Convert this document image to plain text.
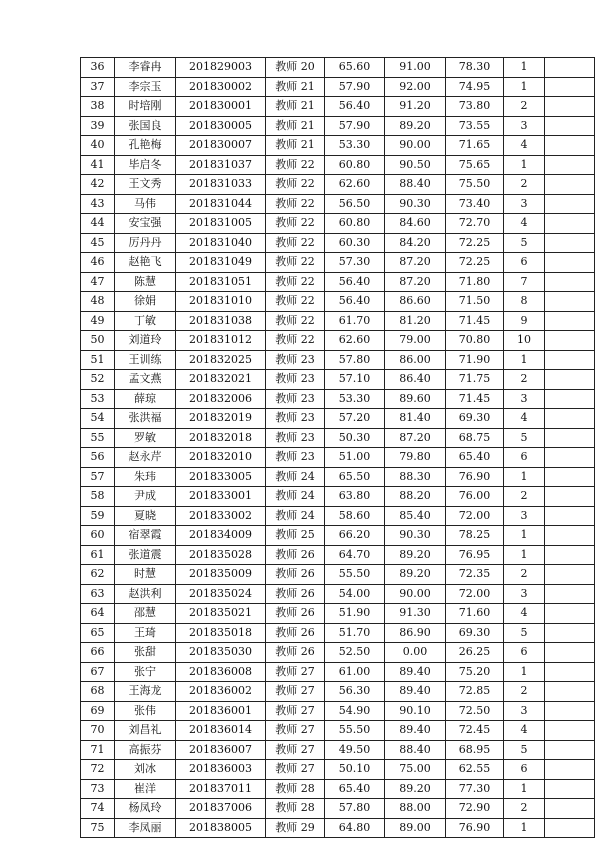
36	李睿冉	201829003	教师 20	65.60	91.00	78.30	1	
37	李宗玉	201830002	教师 21	57.90	92.00	74.95	1	
38	时培刚	201830001	教师 21	56.40	91.20	73.80	2	
39	张国良	201830005	教师 21	57.90	89.20	73.55	3	
40	孔艳梅	201830007	教师 21	53.30	90.00	71.65	4	
41	毕启冬	201831037	教师 22	60.80	90.50	75.65	1	
42	王文秀	201831033	教师 22	62.60	88.40	75.50	2	
43	马伟	201831044	教师 22	56.50	90.30	73.40	3	
44	安宝强	201831005	教师 22	60.80	84.60	72.70	4	
45	厉丹丹	201831040	教师 22	60.30	84.20	72.25	5	
46	赵艳飞	201831049	教师 22	57.30	87.20	72.25	6	
47	陈慧	201831051	教师 22	56.40	87.20	71.80	7	
48	徐娟	201831010	教师 22	56.40	86.60	71.50	8	
49	丁敏	201831038	教师 22	61.70	81.20	71.45	9	
50	刘道玲	201831012	教师 22	62.60	79.00	70.80	10	
51	王训练	201832025	教师 23	57.80	86.00	71.90	1	
52	孟文燕	201832021	教师 23	57.10	86.40	71.75	2	
53	薛琼	201832006	教师 23	53.30	89.60	71.45	3	
54	张洪福	201832019	教师 23	57.20	81.40	69.30	4	
55	罗敏	201832018	教师 23	50.30	87.20	68.75	5	
56	赵永芹	201832010	教师 23	51.00	79.80	65.40	6	
57	朱玮	201833005	教师 24	65.50	88.30	76.90	1	
58	尹成	201833001	教师 24	63.80	88.20	76.00	2	
59	夏晓	201833002	教师 24	58.60	85.40	72.00	3	
60	宿翠霞	201834009	教师 25	66.20	90.30	78.25	1	
61	张道震	201835028	教师 26	64.70	89.20	76.95	1	
62	时慧	201835009	教师 26	55.50	89.20	72.35	2	
63	赵洪利	201835024	教师 26	54.00	90.00	72.00	3	
64	邵慧	201835021	教师 26	51.90	91.30	71.60	4	
65	王琦	201835018	教师 26	51.70	86.90	69.30	5	
66	张甜	201835030	教师 26	52.50	0.00	26.25	6	
67	张宁	201836008	教师 27	61.00	89.40	75.20	1	
68	王海龙	201836002	教师 27	56.30	89.40	72.85	2	
69	张伟	201836001	教师 27	54.90	90.10	72.50	3	
70	刘昌礼	201836014	教师 27	55.50	89.40	72.45	4	
71	高振芬	201836007	教师 27	49.50	88.40	68.95	5	
72	刘冰	201836003	教师 27	50.10	75.00	62.55	6	
73	崔洋	201837011	教师 28	65.40	89.20	77.30	1	
74	杨凤玲	201837006	教师 28	57.80	88.00	72.90	2	
75	李凤丽	201838005	教师 29	64.80	89.00	76.90	1	
